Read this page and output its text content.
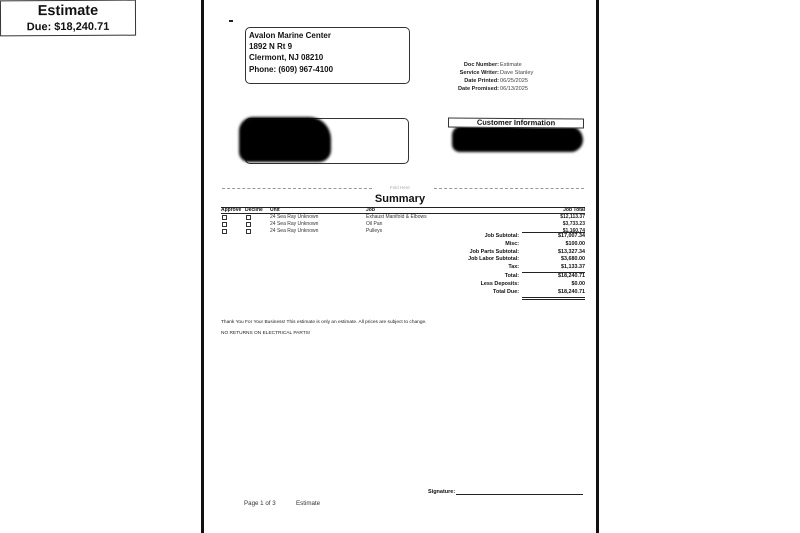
Avalon Marine Center
1892 N Rt 9
Clermont, NJ 08210
Phone: (609) 967-4100
Estimate
Due: $18,240.71
Doc Number: Estimate
Service Writer: Dave Stanley
Date Printed: 06/25/2025
Date Promised: 06/13/2025
Customer Information
Fold Here
Summary
Approve Decline	Unit	Job	Job Total
24 Sea Ray Unknown	Exhaust Manifold & Elbows	$12,113.37
24 Sea Ray Unknown	Oil Pan	$3,733.23
24 Sea Ray Unknown	Pulleys	$1,160.74
Job Subtotal:	$17,007.34
Misc:	$100.00
Job Parts Subtotal:	$13,327.34
Job Labor Subtotal:	$3,680.00
Tax:	$1,133.37
Total:	$18,240.71
Less Deposits:	$0.00
Total Due:	$18,240.71
Thank You For Your Business! This estimate is only an estimate. All prices are subject to change.
NO RETURNS ON ELECTRICAL PARTS!
Signature:
Page 1 of 3	Estimate
